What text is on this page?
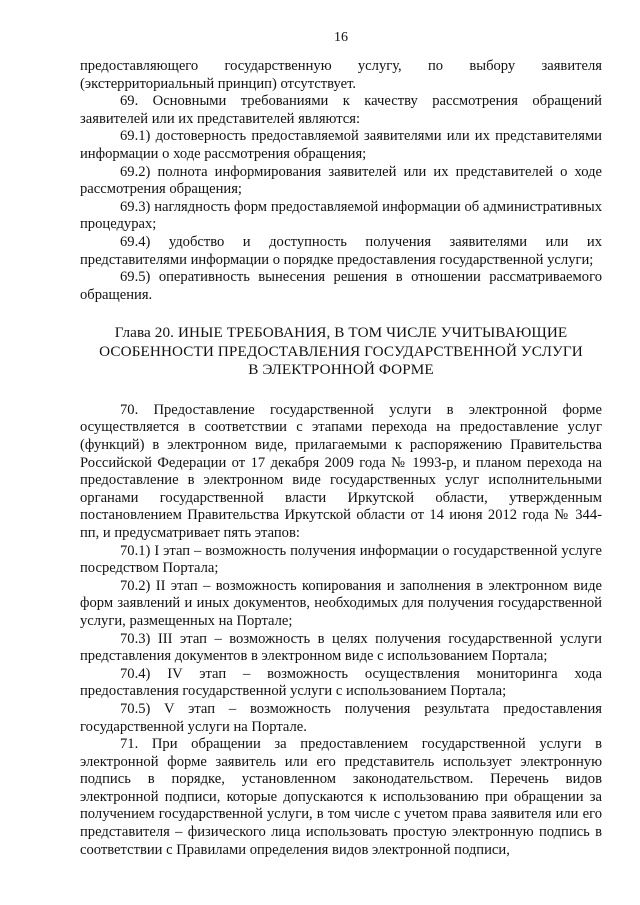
16

предоставляющего государственную услугу, по выбору заявителя (экстерриториальный принцип) отсутствует.

69. Основными требованиями к качеству рассмотрения обращений заявителей или их представителей являются:

69.1) достоверность предоставляемой заявителями или их представителями информации о ходе рассмотрения обращения;

69.2) полнота информирования заявителей или их представителей о ходе рассмотрения обращения;

69.3) наглядность форм предоставляемой информации об административных процедурах;

69.4) удобство и доступность получения заявителями или их представителями информации о порядке предоставления государственной услуги;

69.5) оперативность вынесения решения в отношении рассматриваемого обращения.

Глава 20. ИНЫЕ ТРЕБОВАНИЯ, В ТОМ ЧИСЛЕ УЧИТЫВАЮЩИЕ
ОСОБЕННОСТИ ПРЕДОСТАВЛЕНИЯ ГОСУДАРСТВЕННОЙ УСЛУГИ
В ЭЛЕКТРОННОЙ ФОРМЕ

70. Предоставление государственной услуги в электронной форме осуществляется в соответствии с этапами перехода на предоставление услуг (функций) в электронном виде, прилагаемыми к распоряжению Правительства Российской Федерации от 17 декабря 2009 года № 1993-р, и планом перехода на предоставление в электронном виде государственных услуг исполнительными органами государственной власти Иркутской области, утвержденным постановлением Правительства Иркутской области от 14 июня 2012 года № 344-пп, и предусматривает пять этапов:

70.1) I этап – возможность получения информации о государственной услуге посредством Портала;

70.2) II этап – возможность копирования и заполнения в электронном виде форм заявлений и иных документов, необходимых для получения государственной услуги, размещенных на Портале;

70.3) III этап – возможность в целях получения государственной услуги представления документов в электронном виде с использованием Портала;

70.4) IV этап – возможность осуществления мониторинга хода предоставления государственной услуги с использованием Портала;

70.5) V этап – возможность получения результата предоставления государственной услуги на Портале.

71. При обращении за предоставлением государственной услуги в электронной форме заявитель или его представитель использует электронную подпись в порядке, установленном законодательством. Перечень видов электронной подписи, которые допускаются к использованию при обращении за получением государственной услуги, в том числе с учетом права заявителя или его представителя – физического лица использовать простую электронную подпись в соответствии с Правилами определения видов электронной подписи,
